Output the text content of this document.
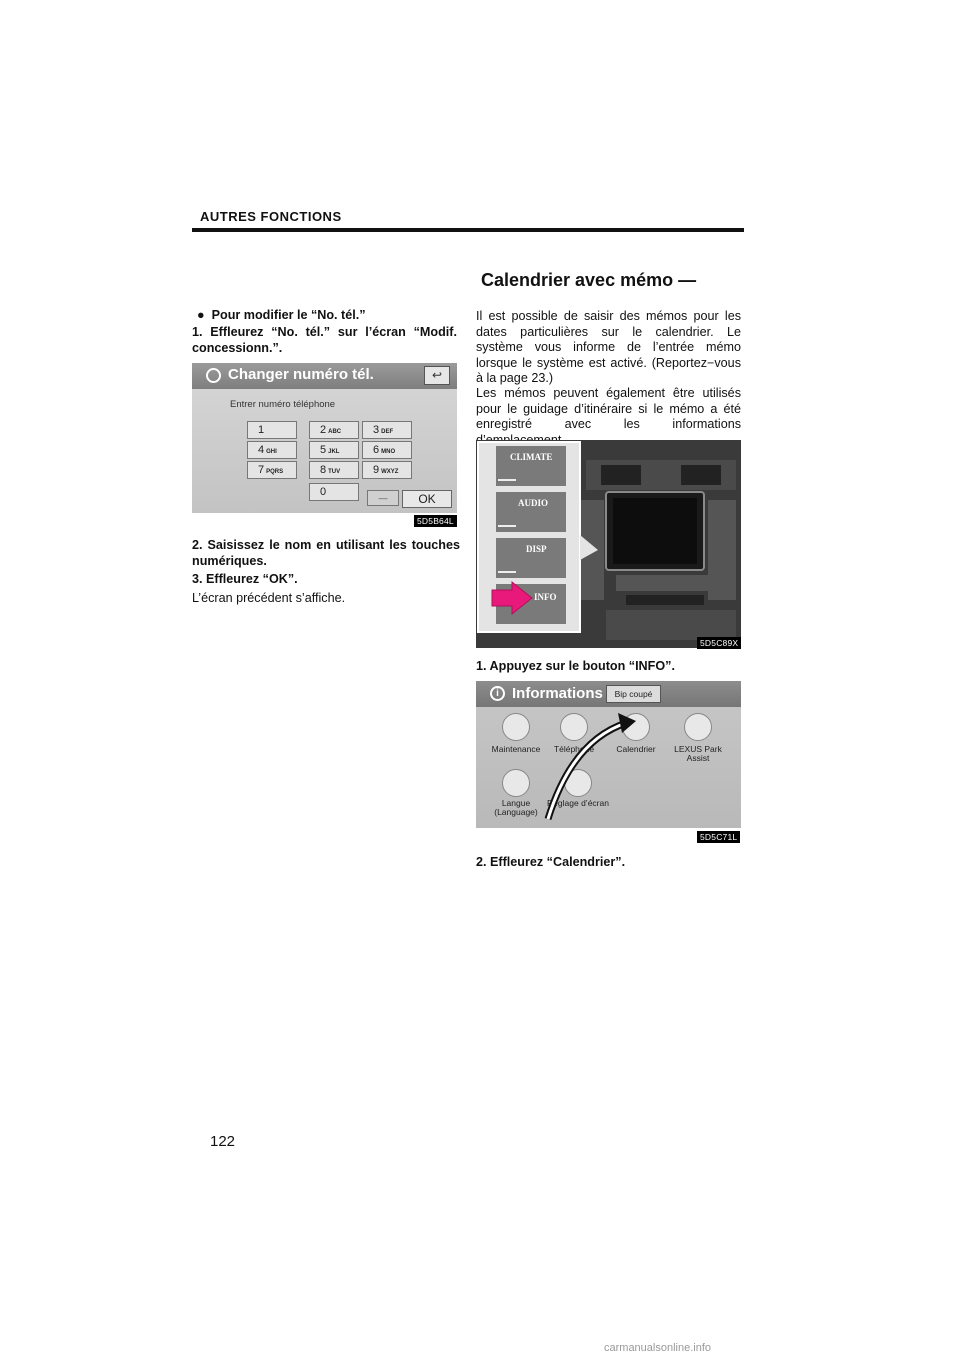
AUTRES FONCTIONS
Calendrier avec mémo —
● Pour modifier le “No. tél.”
1. Effleurez “No. tél.” sur l’écran “Modif. concessionn.”.
Changer numéro tél.	↩
Entrer numéro téléphone
—	OK
1	2 ABC	3 DEF
4 GHI	5 JKL	6 MNO
7 PQRS	8 TUV	9 WXYZ
0
5D5B64L
2. Saisissez le nom en utilisant les touches numériques.
3. Effleurez “OK”.
L’écran précédent s’affiche.
Il est possible de saisir des mémos pour les dates particulières sur le calendrier. Le système vous informe de l’entrée mémo lorsque le système est activé. (Reportez−vous à la page 23.)
Les mémos peuvent également être utilisés pour le guidage d’itinéraire si le mémo a été enregistré avec les informations
CLIMATE
AUDIO
DISP
INFO
5D5C89X
1. Appuyez sur le bouton “INFO”.
i Informations	Bip coupé
Maintenance	Téléphone	Calendrier	LEXUS Park Assist
Langue (Language)
Réglage d’écran
5D5C71L
2. Effleurez “Calendrier”.
122
carmanualsonline.info
